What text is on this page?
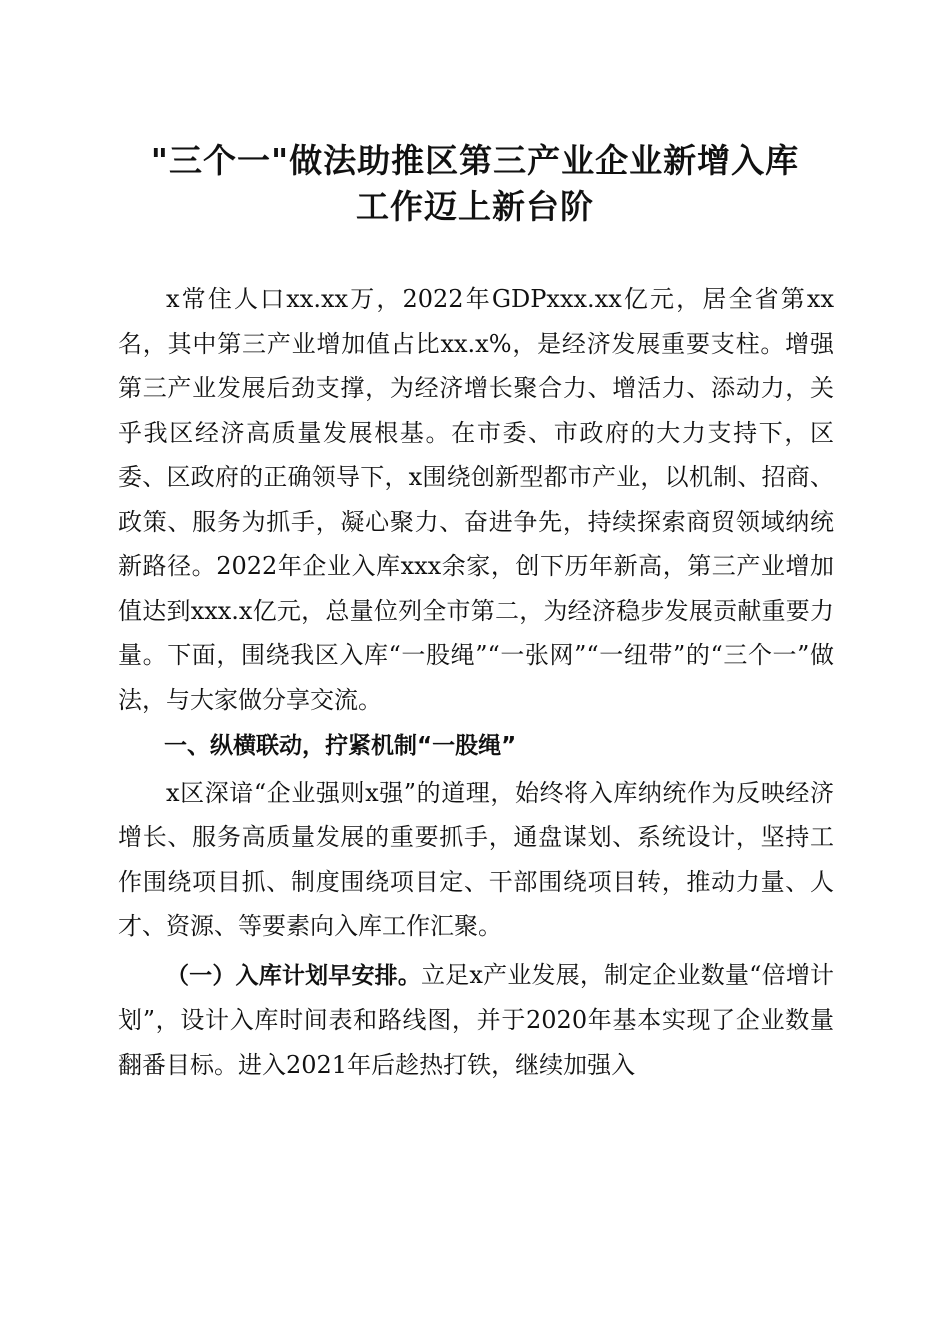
"三个一"做法助推区第三产业企业新增入库
工作迈上新台阶

x常住人口xx.xx万，2022年GDPxxx.xx亿元，居全省第xx名，其中第三产业增加值占比xx.x%，是经济发展重要支柱。增强第三产业发展后劲支撑，为经济增长聚合力、增活力、添动力，关乎我区经济高质量发展根基。在市委、市政府的大力支持下，区委、区政府的正确领导下，x围绕创新型都市产业，以机制、招商、政策、服务为抓手，凝心聚力、奋进争先，持续探索商贸领域纳统新路径。2022年企业入库xxx余家，创下历年新高，第三产业增加值达到xxx.x亿元，总量位列全市第二，为经济稳步发展贡献重要力量。下面，围绕我区入库“一股绳”“一张网”“一纽带”的“三个一”做法，与大家做分享交流。

一、纵横联动，拧紧机制“一股绳”

x区深谙“企业强则x强”的道理，始终将入库纳统作为反映经济增长、服务高质量发展的重要抓手，通盘谋划、系统设计，坚持工作围绕项目抓、制度围绕项目定、干部围绕项目转，推动力量、人才、资源、等要素向入库工作汇聚。

（一）入库计划早安排。立足x产业发展，制定企业数量“倍增计划”，设计入库时间表和路线图，并于2020年基本实现了企业数量翻番目标。进入2021年后趁热打铁，继续加强入
